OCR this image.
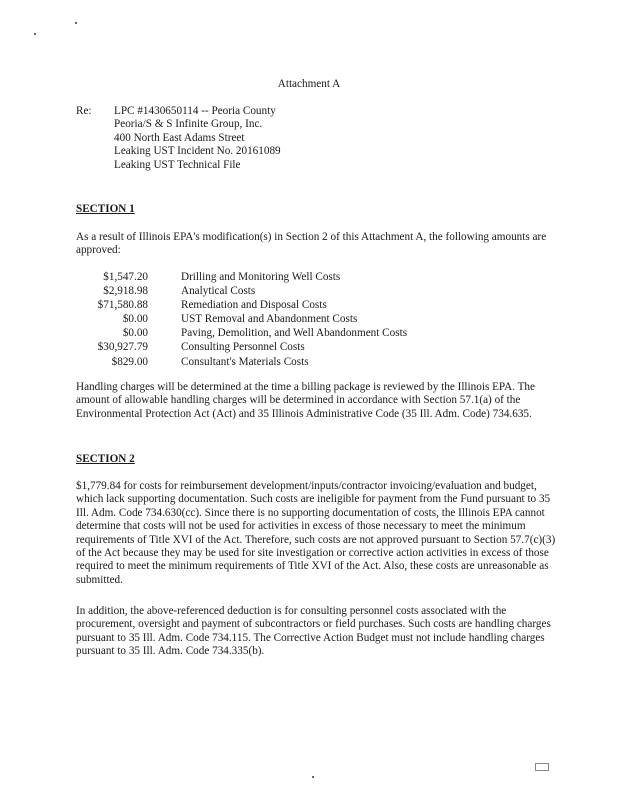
Attachment A
Re:	LPC #1430650114 -- Peoria County
Peoria/S & S Infinite Group, Inc.
400 North East Adams Street
Leaking UST Incident No. 20161089
Leaking UST Technical File
SECTION 1

As a result of Illinois EPA's modification(s) in Section 2 of this Attachment A, the following amounts are approved:

$1,547.20	Drilling and Monitoring Well Costs
$2,918.98	Analytical Costs
$71,580.88	Remediation and Disposal Costs
$0.00	UST Removal and Abandonment Costs
$0.00	Paving, Demolition, and Well Abandonment Costs
$30,927.79	Consulting Personnel Costs
$829.00	Consultant's Materials Costs

Handling charges will be determined at the time a billing package is reviewed by the Illinois EPA. The amount of allowable handling charges will be determined in accordance with Section 57.1(a) of the Environmental Protection Act (Act) and 35 Illinois Administrative Code (35 Ill. Adm. Code) 734.635.

SECTION 2

$1,779.84 for costs for reimbursement development/inputs/contractor invoicing/evaluation and budget, which lack supporting documentation. Such costs are ineligible for payment from the Fund pursuant to 35 Ill. Adm. Code 734.630(cc). Since there is no supporting documentation of costs, the Illinois EPA cannot determine that costs will not be used for activities in excess of those necessary to meet the minimum requirements of Title XVI of the Act. Therefore, such costs are not approved pursuant to Section 57.7(c)(3) of the Act because they may be used for site investigation or corrective action activities in excess of those required to meet the minimum requirements of Title XVI of the Act. Also, these costs are unreasonable as submitted.

In addition, the above-referenced deduction is for consulting personnel costs associated with the procurement, oversight and payment of subcontractors or field purchases. Such costs are handling charges pursuant to 35 Ill. Adm. Code 734.115. The Corrective Action Budget must not include handling charges pursuant to 35 Ill. Adm. Code 734.335(b).
